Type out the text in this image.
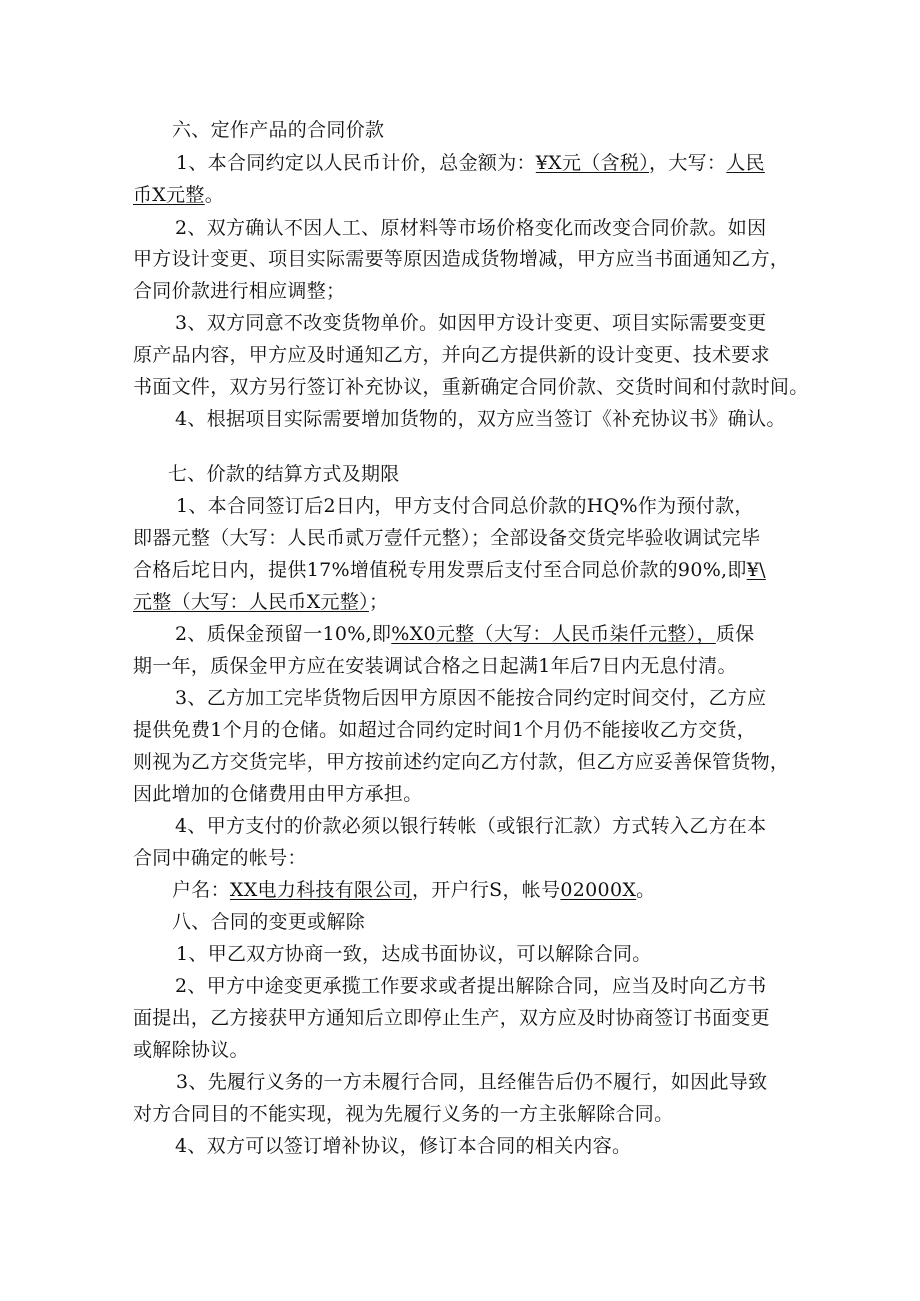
六、定作产品的合同价款
1、本合同约定以人民币计价，总金额为：¥X元（含税），大写：人民
币X元整。
2、双方确认不因人工、原材料等市场价格变化而改变合同价款。如因
甲方设计变更、项目实际需要等原因造成货物增减，甲方应当书面通知乙方，
合同价款进行相应调整；
3、双方同意不改变货物单价。如因甲方设计变更、项目实际需要变更
原产品内容，甲方应及时通知乙方，并向乙方提供新的设计变更、技术要求
书面文件，双方另行签订补充协议，重新确定合同价款、交货时间和付款时间。
4、根据项目实际需要增加货物的，双方应当签订《补充协议书》确认。
七、价款的结算方式及期限
1、本合同签订后2日内，甲方支付合同总价款的HQ%作为预付款，
即器元整（大写：人民币贰万壹仟元整）；全部设备交货完毕验收调试完毕
合格后坨日内，提供17%增值税专用发票后支付至合同总价款的90%,即¥\
元整（大写：人民币X元整）；
2、质保金预留一10%,即%X0元整（大写：人民币柒仟元整），质保
期一年，质保金甲方应在安装调试合格之日起满1年后7日内无息付清。
3、乙方加工完毕货物后因甲方原因不能按合同约定时间交付，乙方应
提供免费1个月的仓储。如超过合同约定时间1个月仍不能接收乙方交货，
则视为乙方交货完毕，甲方按前述约定向乙方付款，但乙方应妥善保管货物，
因此增加的仓储费用由甲方承担。
4、甲方支付的价款必须以银行转帐（或银行汇款）方式转入乙方在本
合同中确定的帐号：
户名：XX电力科技有限公司，开户行S，帐号02000X。
八、合同的变更或解除
1、甲乙双方协商一致，达成书面协议，可以解除合同。
2、甲方中途变更承揽工作要求或者提出解除合同，应当及时向乙方书
面提出，乙方接获甲方通知后立即停止生产，双方应及时协商签订书面变更
或解除协议。
3、先履行义务的一方未履行合同，且经催告后仍不履行，如因此导致
对方合同目的不能实现，视为先履行义务的一方主张解除合同。
4、双方可以签订增补协议，修订本合同的相关内容。
